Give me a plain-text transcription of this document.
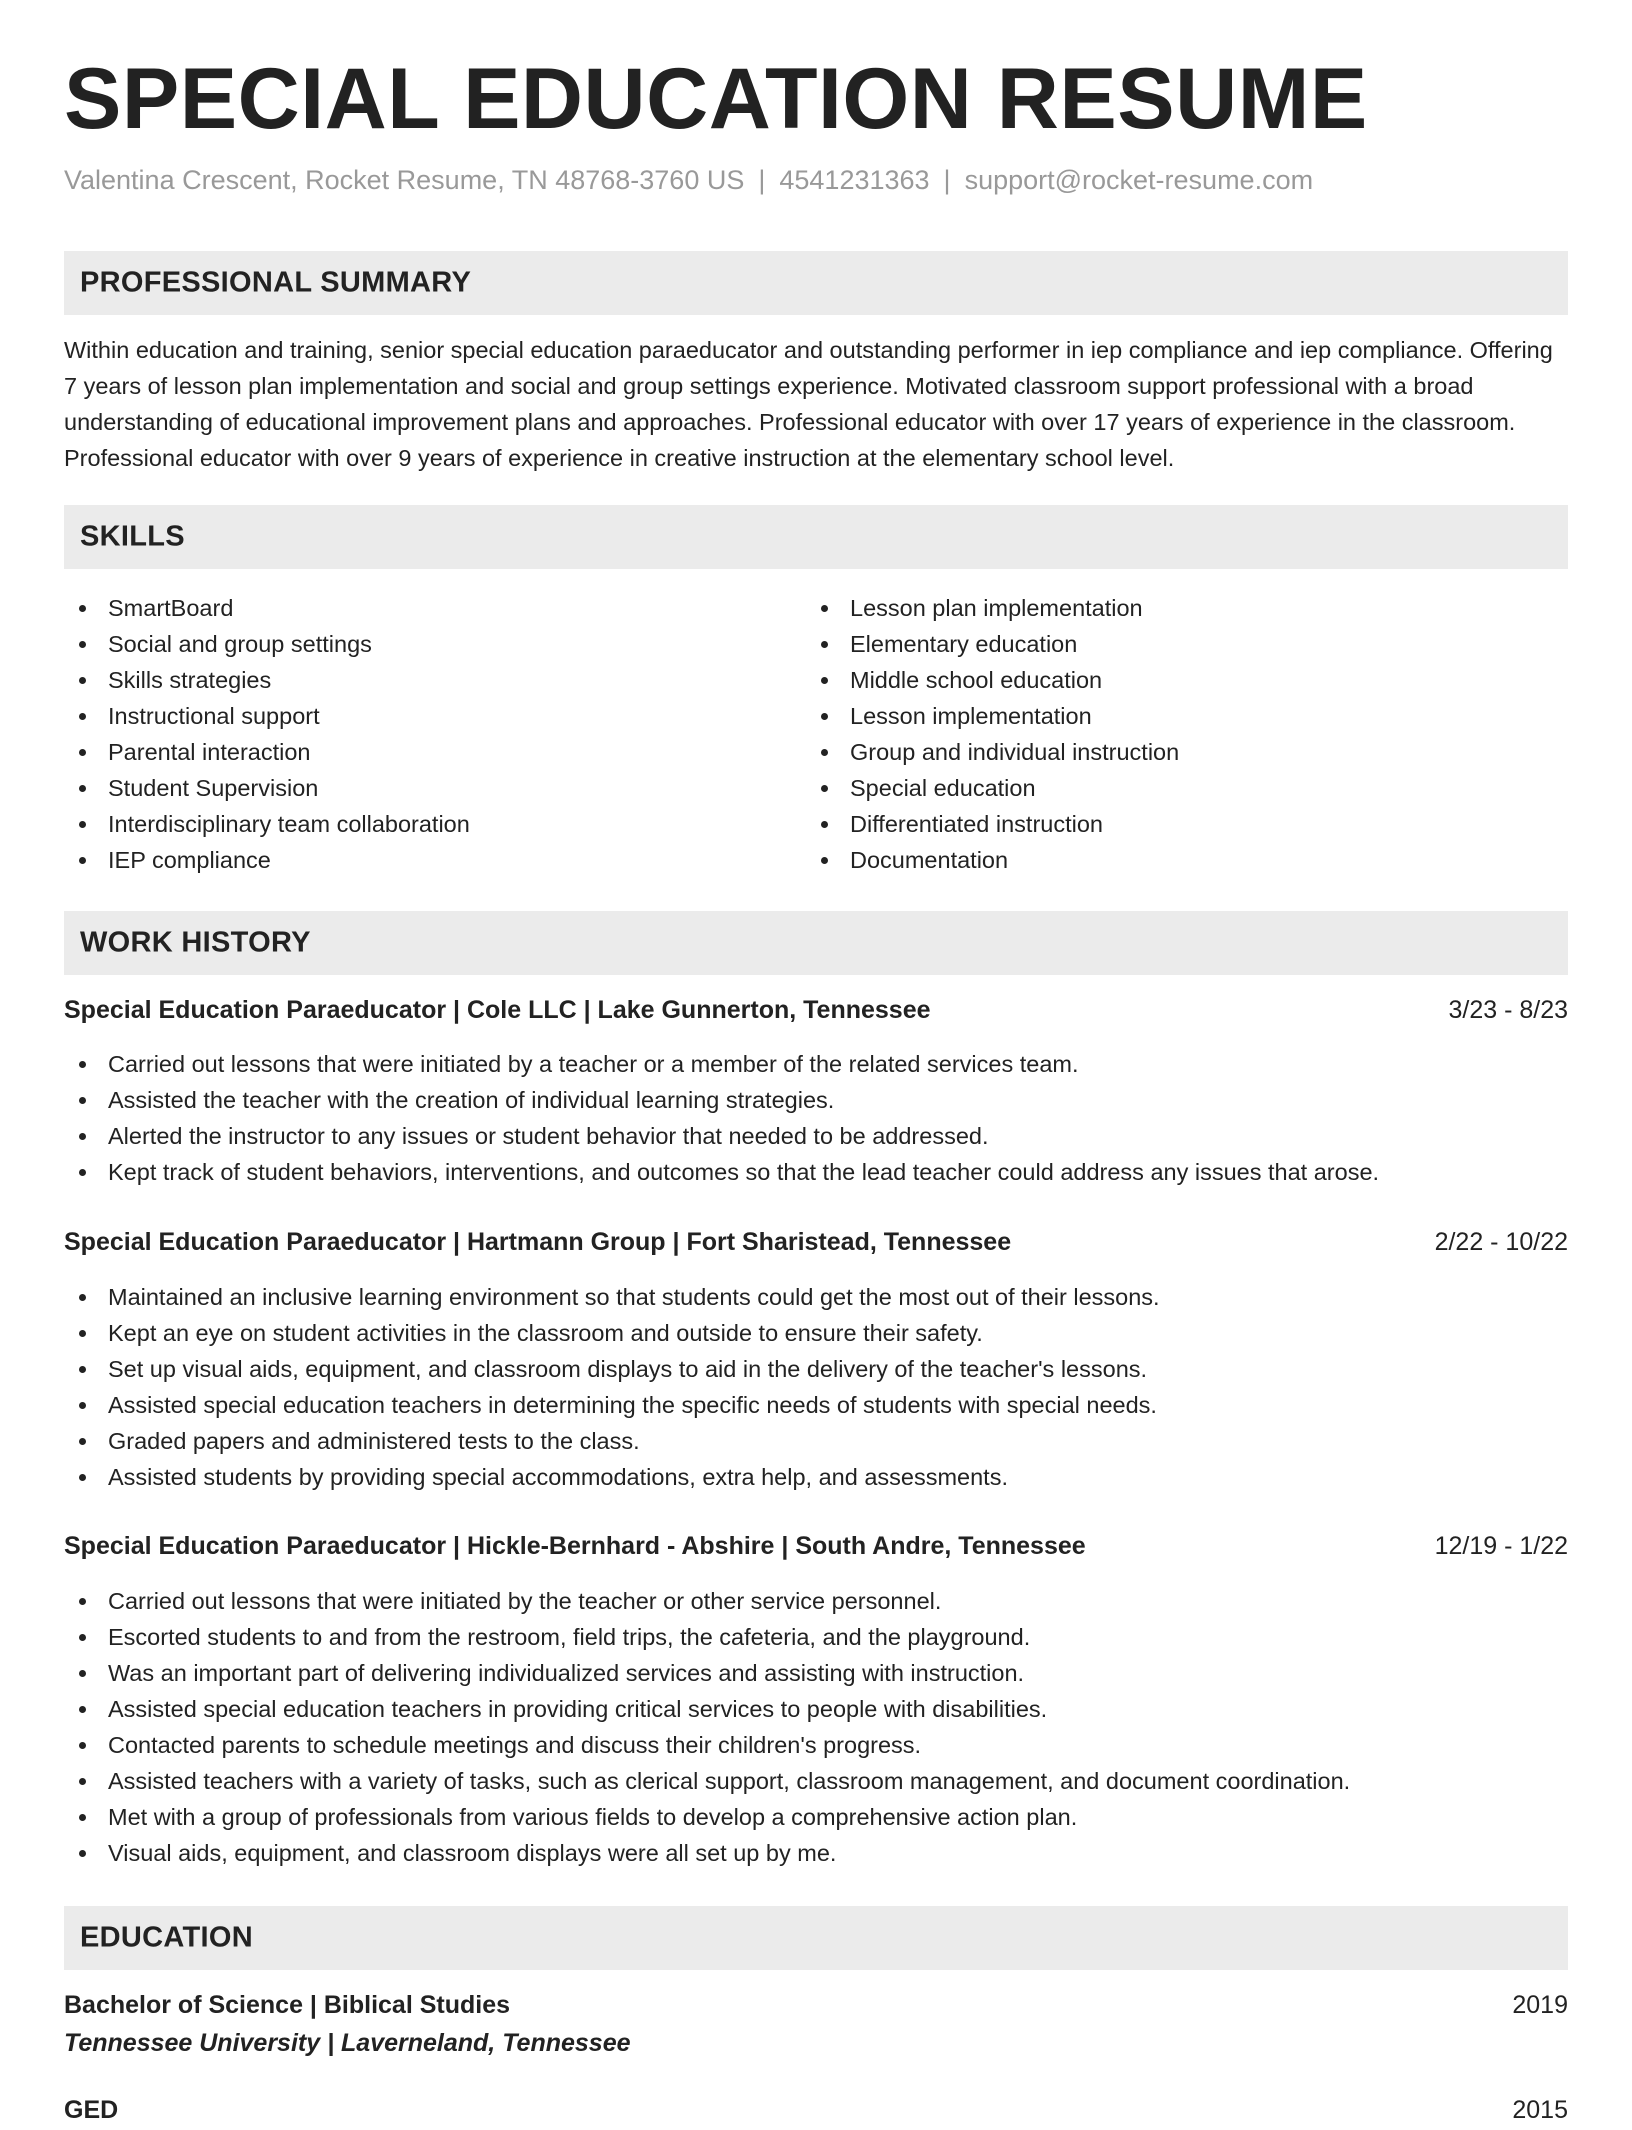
SPECIAL EDUCATION RESUME
Valentina Crescent, Rocket Resume, TN 48768-3760 US | 4541231363 | support@rocket-resume.com
PROFESSIONAL SUMMARY

Within education and training, senior special education paraeducator and outstanding performer in iep compliance and iep compliance. Offering 7 years of lesson plan implementation and social and group settings experience. Motivated classroom support professional with a broad understanding of educational improvement plans and approaches. Professional educator with over 17 years of experience in the classroom. Professional educator with over 9 years of experience in creative instruction at the elementary school level.

SKILLS
SmartBoard
Social and group settings
Skills strategies
Instructional support
Parental interaction
Student Supervision
Interdisciplinary team collaboration
IEP compliance
Lesson plan implementation
Elementary education
Middle school education
Lesson implementation
Group and individual instruction
Special education
Differentiated instruction
Documentation
WORK HISTORY
Special Education Paraeducator | Cole LLC | Lake Gunnerton, Tennessee	3/23 - 8/23
Carried out lessons that were initiated by a teacher or a member of the related services team.
Assisted the teacher with the creation of individual learning strategies.
Alerted the instructor to any issues or student behavior that needed to be addressed.
Kept track of student behaviors, interventions, and outcomes so that the lead teacher could address any issues that arose.
Special Education Paraeducator | Hartmann Group | Fort Sharistead, Tennessee	2/22 - 10/22
Maintained an inclusive learning environment so that students could get the most out of their lessons.
Kept an eye on student activities in the classroom and outside to ensure their safety.
Set up visual aids, equipment, and classroom displays to aid in the delivery of the teacher's lessons.
Assisted special education teachers in determining the specific needs of students with special needs.
Graded papers and administered tests to the class.
Assisted students by providing special accommodations, extra help, and assessments.
Special Education Paraeducator | Hickle-Bernhard - Abshire | South Andre, Tennessee	12/19 - 1/22
Carried out lessons that were initiated by the teacher or other service personnel.
Escorted students to and from the restroom, field trips, the cafeteria, and the playground.
Was an important part of delivering individualized services and assisting with instruction.
Assisted special education teachers in providing critical services to people with disabilities.
Contacted parents to schedule meetings and discuss their children's progress.
Assisted teachers with a variety of tasks, such as clerical support, classroom management, and document coordination.
Met with a group of professionals from various fields to develop a comprehensive action plan.
Visual aids, equipment, and classroom displays were all set up by me.
EDUCATION
Bachelor of Science | Biblical Studies	2019
Tennessee University | Laverneland, Tennessee
GED	2015
